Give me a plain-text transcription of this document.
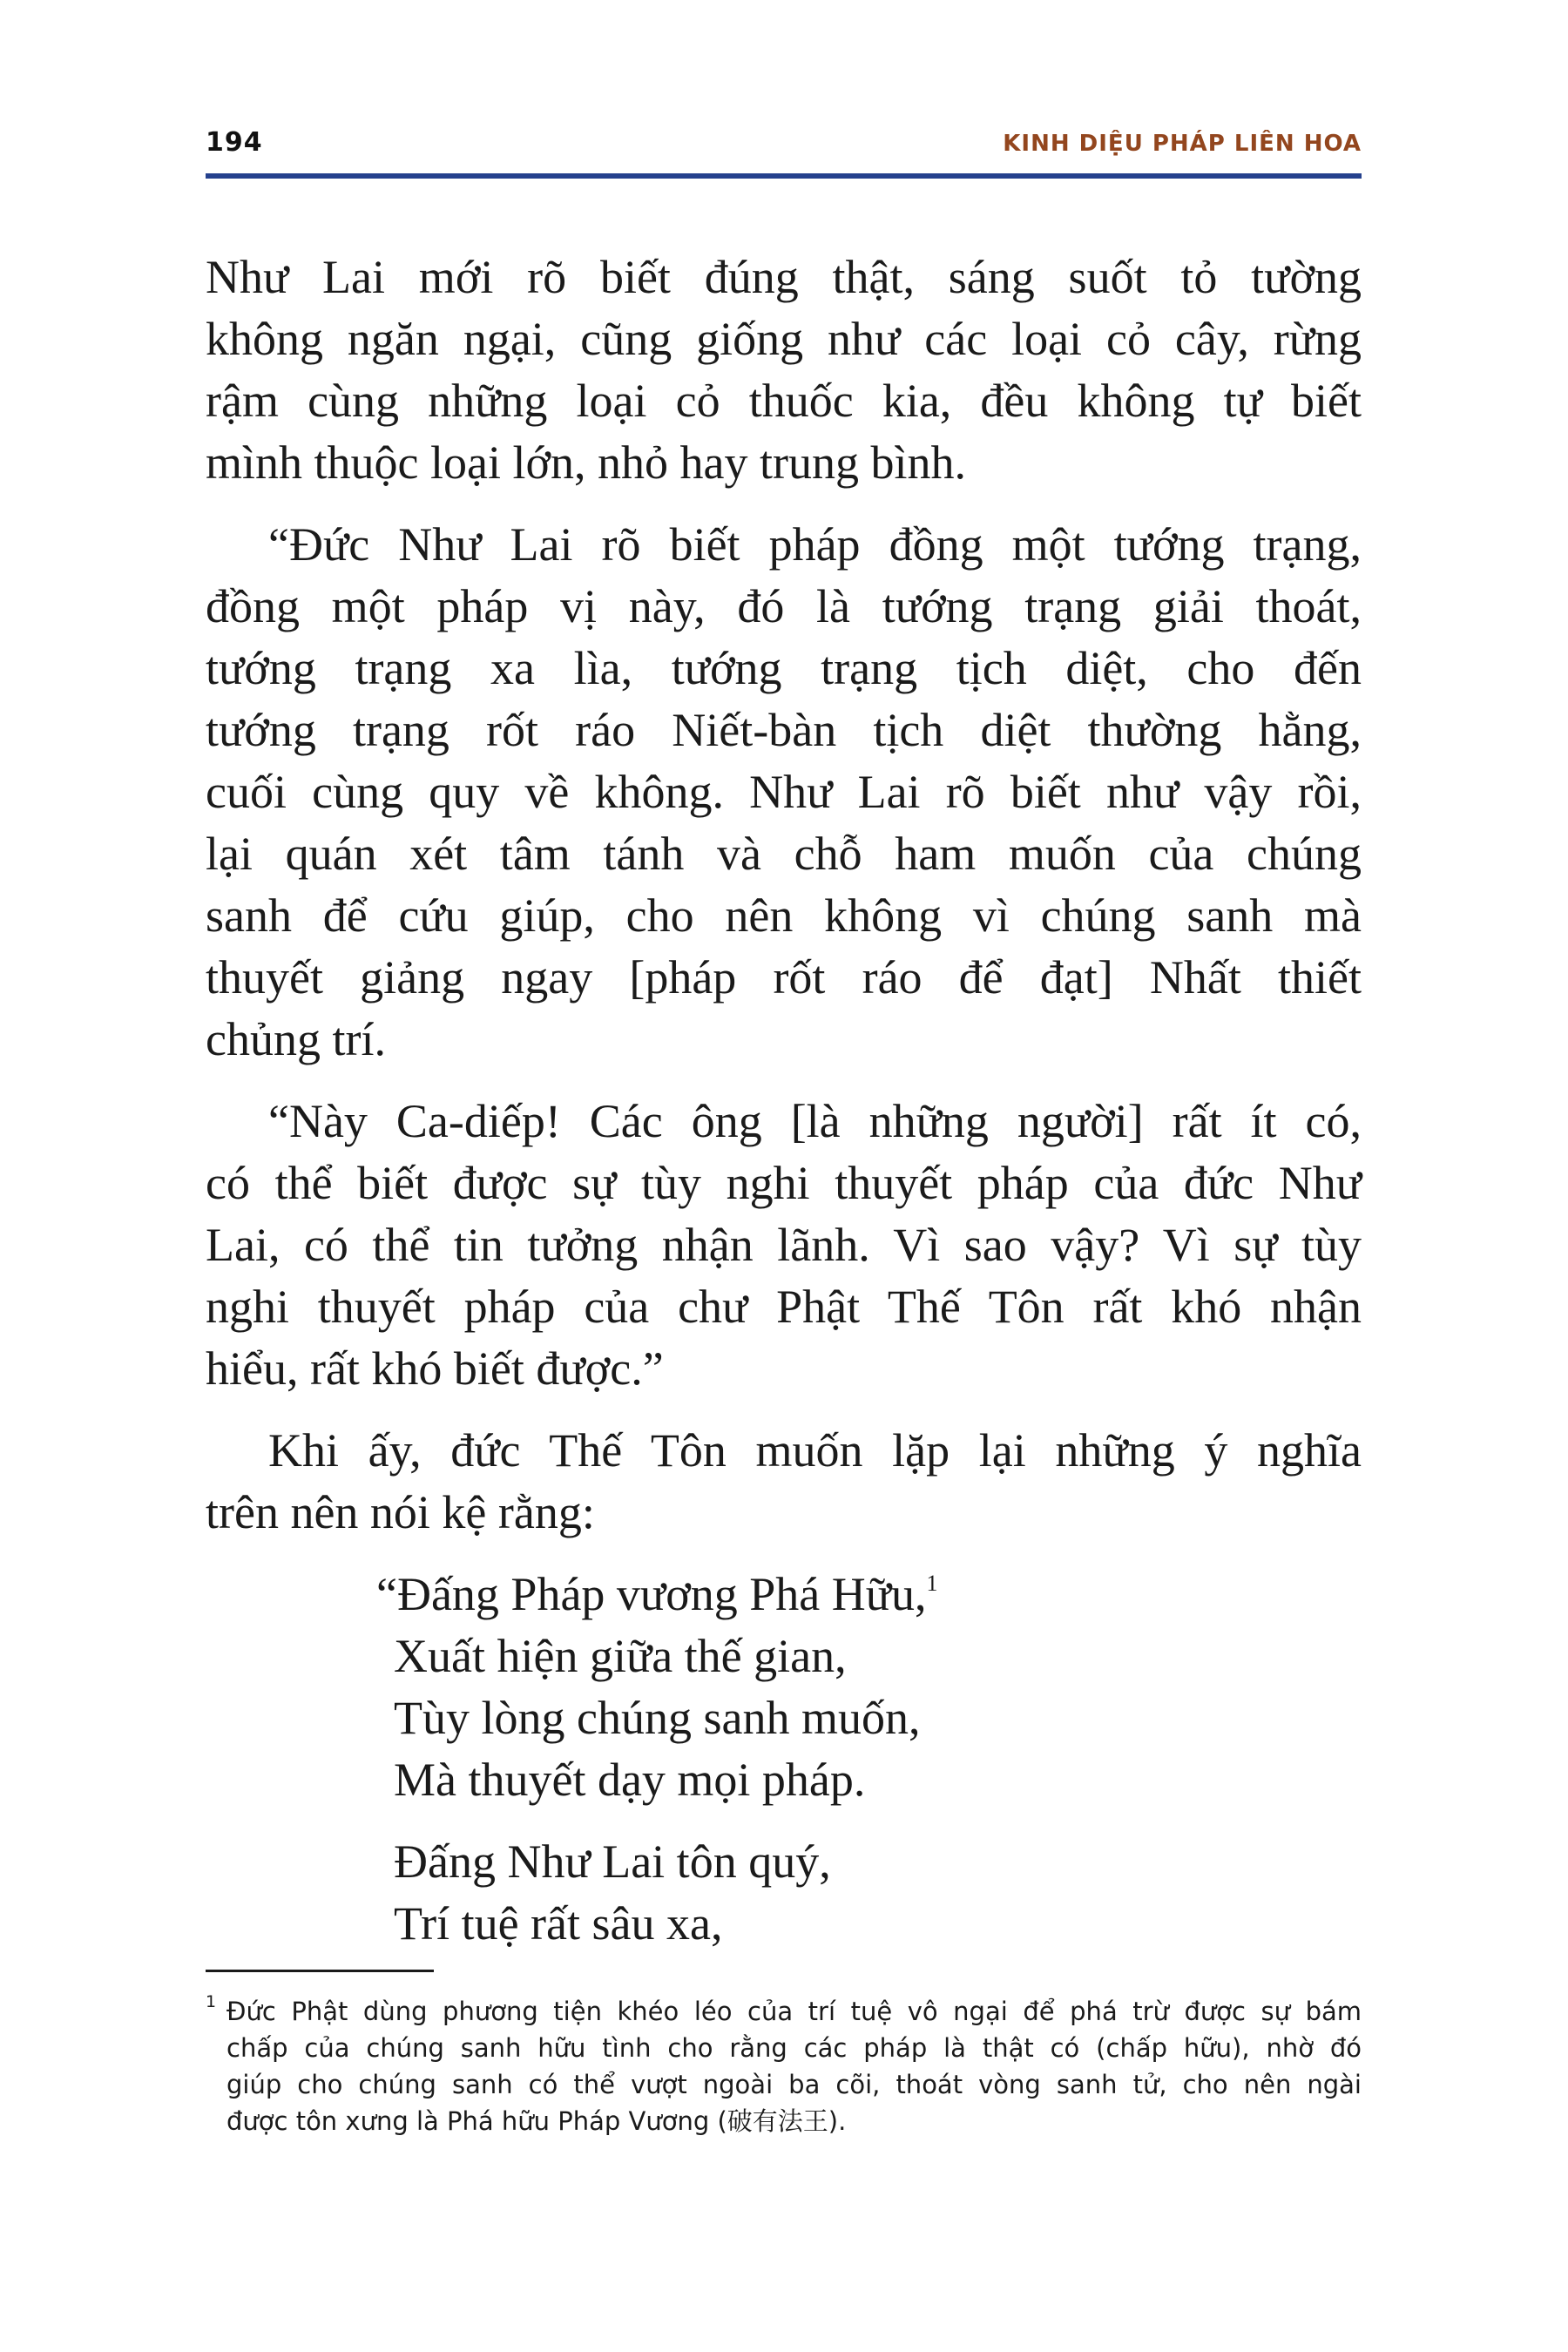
194	KINH DIỆU PHÁP LIÊN HOA
Như Lai mới rõ biết đúng thật, sáng suốt tỏ tường
không ngăn ngại, cũng giống như các loại cỏ cây, rừng
rậm cùng những loại cỏ thuốc kia, đều không tự biết
mình thuộc loại lớn, nhỏ hay trung bình.
“Đức Như Lai rõ biết pháp đồng một tướng trạng,
đồng một pháp vị này, đó là tướng trạng giải thoát,
tướng trạng xa lìa, tướng trạng tịch diệt, cho đến
tướng trạng rốt ráo Niết-bàn tịch diệt thường hằng,
cuối cùng quy về không. Như Lai rõ biết như vậy rồi,
lại quán xét tâm tánh và chỗ ham muốn của chúng
sanh để cứu giúp, cho nên không vì chúng sanh mà
thuyết giảng ngay [pháp rốt ráo để đạt] Nhất thiết
chủng trí.
“Này Ca-diếp! Các ông [là những người] rất ít có,
có thể biết được sự tùy nghi thuyết pháp của đức Như
Lai, có thể tin tưởng nhận lãnh. Vì sao vậy? Vì sự tùy
nghi thuyết pháp của chư Phật Thế Tôn rất khó nhận
hiểu, rất khó biết được.”
Khi ấy, đức Thế Tôn muốn lặp lại những ý nghĩa
trên nên nói kệ rằng:
“Đấng Pháp vương Phá Hữu,$^1$
Xuất hiện giữa thế gian,
Tùy lòng chúng sanh muốn,
Mà thuyết dạy mọi pháp.
Đấng Như Lai tôn quý,
Trí tuệ rất sâu xa,
1 Đức Phật dùng phương tiện khéo léo của trí tuệ vô ngại để phá trừ được sự bám
chấp của chúng sanh hữu tình cho rằng các pháp là thật có (chấp hữu), nhờ đó
giúp cho chúng sanh có thể vượt ngoài ba cõi, thoát vòng sanh tử, cho nên ngài
được tôn xưng là Phá hữu Pháp Vương (破有法王).
